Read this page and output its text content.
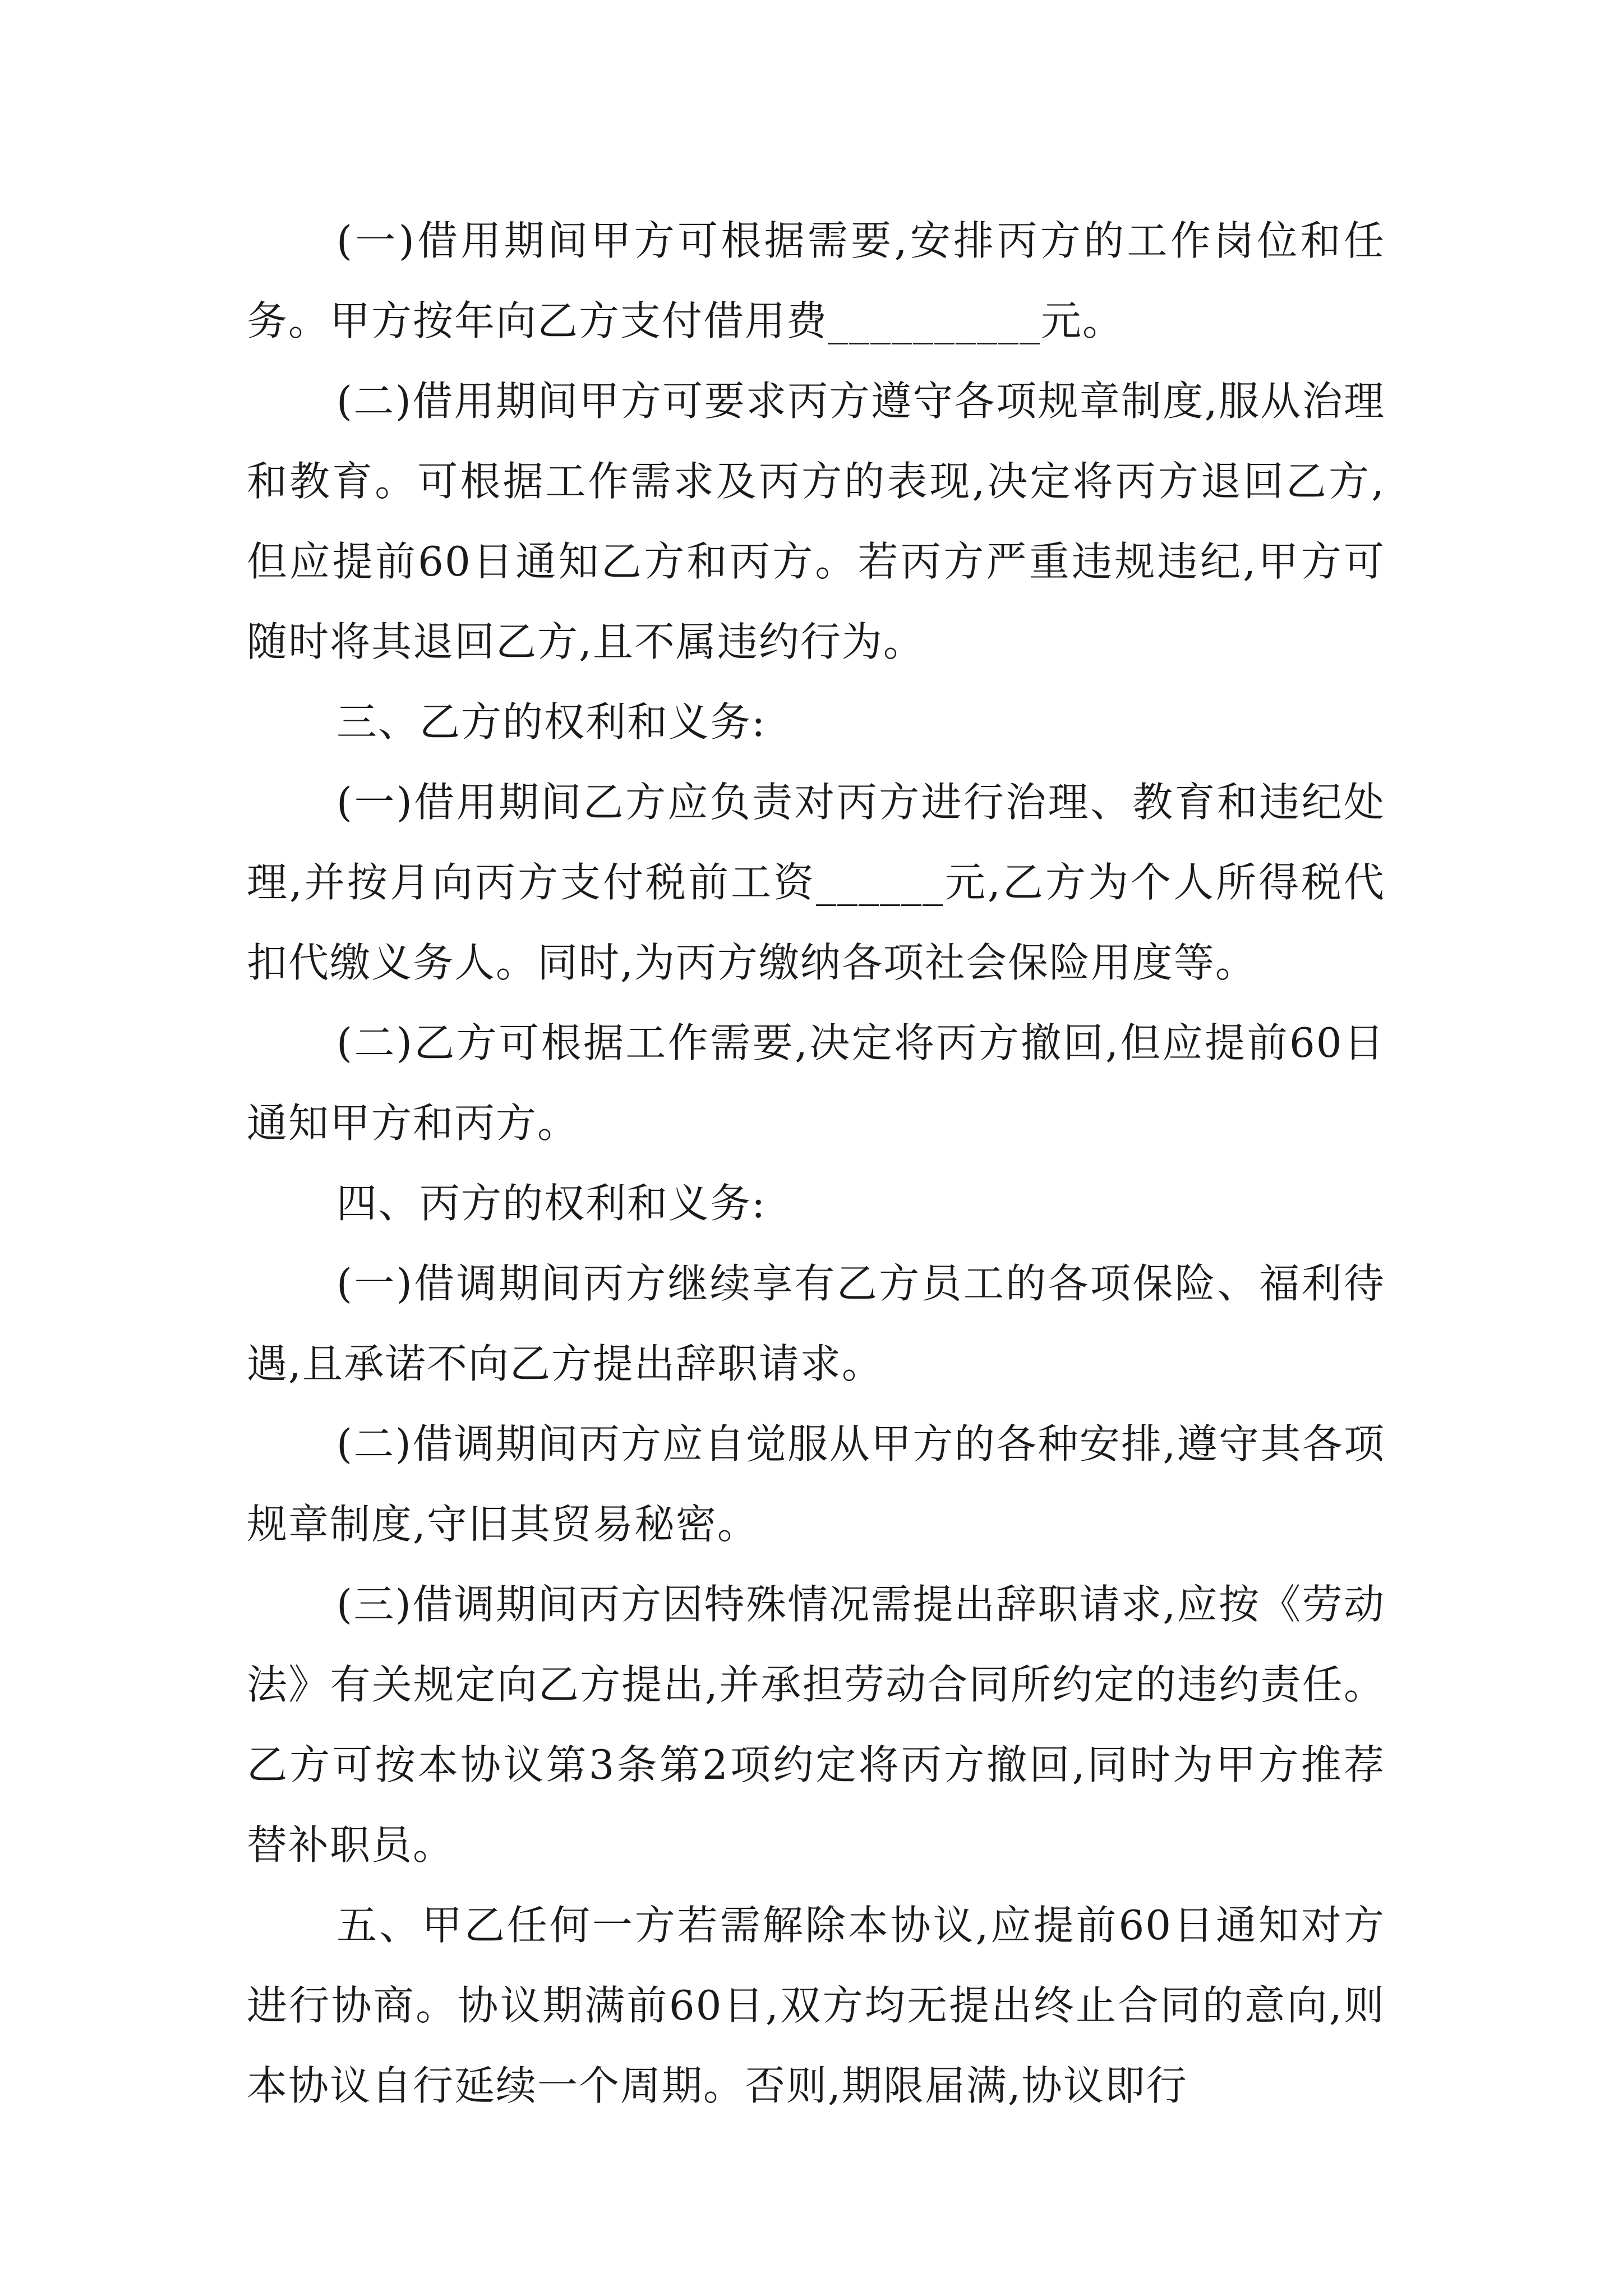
(一)借用期间甲方可根据需要,安排丙方的工作岗位和任务。甲方按年向乙方支付借用费__________元。

(二)借用期间甲方可要求丙方遵守各项规章制度,服从治理和教育。可根据工作需求及丙方的表现,决定将丙方退回乙方,但应提前60日通知乙方和丙方。若丙方严重违规违纪,甲方可随时将其退回乙方,且不属违约行为。

三、乙方的权利和义务:

(一)借用期间乙方应负责对丙方进行治理、教育和违纪处理,并按月向丙方支付税前工资______元,乙方为个人所得税代扣代缴义务人。同时,为丙方缴纳各项社会保险用度等。

(二)乙方可根据工作需要,决定将丙方撤回,但应提前60日通知甲方和丙方。

四、丙方的权利和义务:

(一)借调期间丙方继续享有乙方员工的各项保险、福利待遇,且承诺不向乙方提出辞职请求。

(二)借调期间丙方应自觉服从甲方的各种安排,遵守其各项规章制度,守旧其贸易秘密。

(三)借调期间丙方因特殊情况需提出辞职请求,应按《劳动法》有关规定向乙方提出,并承担劳动合同所约定的违约责任。乙方可按本协议第3条第2项约定将丙方撤回,同时为甲方推荐替补职员。

五、甲乙任何一方若需解除本协议,应提前60日通知对方进行协商。协议期满前60日,双方均无提出终止合同的意向,则本协议自行延续一个周期。否则,期限届满,协议即行
